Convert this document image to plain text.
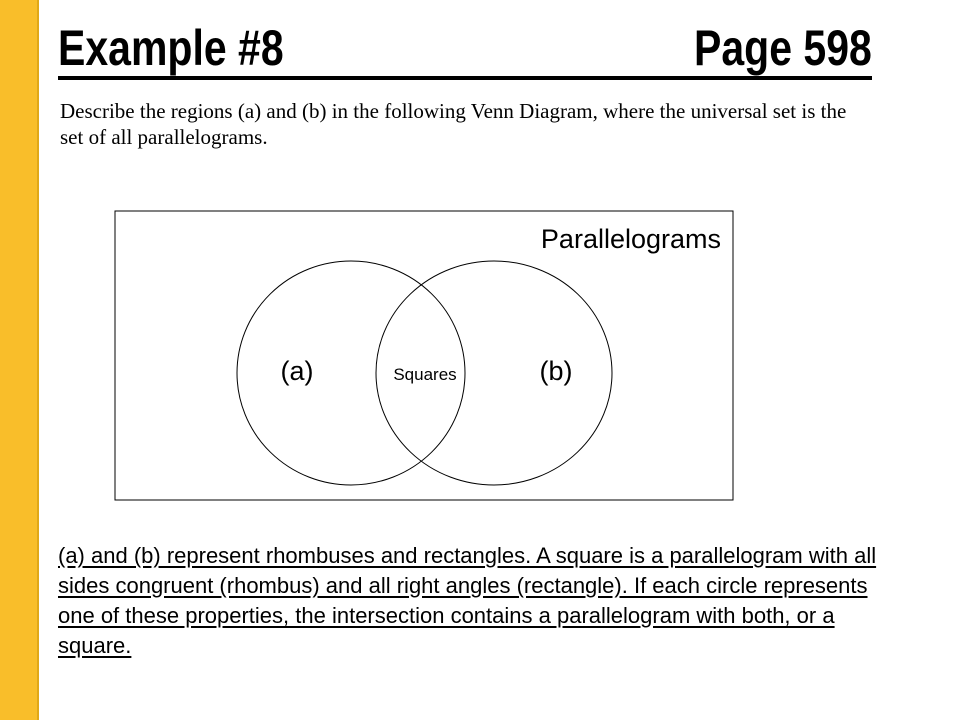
Example #8	Page 598
Describe the regions (a) and (b) in the following Venn Diagram, where the universal set is the set of all parallelograms.
Parallelograms
(a)	Squares	(b)
(a) and (b) represent rhombuses and rectangles. A square is a parallelogram with all sides congruent (rhombus) and all right angles (rectangle). If each circle represents one of these properties, the intersection contains a parallelogram with both, or a square.
